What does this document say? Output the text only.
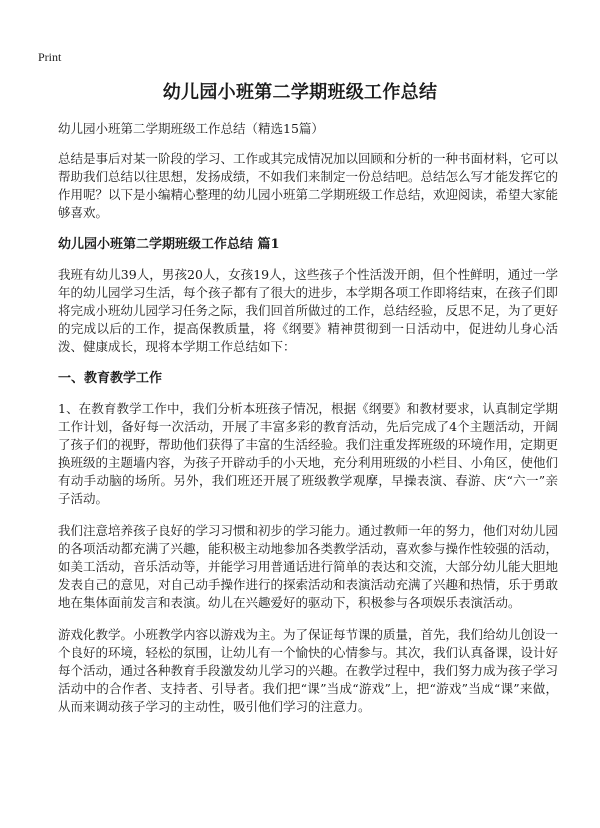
Print
幼儿园小班第二学期班级工作总结
幼儿园小班第二学期班级工作总结（精选15篇）

总结是事后对某一阶段的学习、工作或其完成情况加以回顾和分析的一种书面材料，它可以帮助我们总结以往思想，发扬成绩，不如我们来制定一份总结吧。总结怎么写才能发挥它的作用呢？以下是小编精心整理的幼儿园小班第二学期班级工作总结，欢迎阅读，希望大家能够喜欢。

幼儿园小班第二学期班级工作总结 篇1

我班有幼儿39人，男孩20人，女孩19人，这些孩子个性活泼开朗，但个性鲜明，通过一学年的幼儿园学习生活，每个孩子都有了很大的进步，本学期各项工作即将结束，在孩子们即将完成小班幼儿园学习任务之际，我们回首所做过的工作，总结经验，反思不足，为了更好的完成以后的工作，提高保教质量，将《纲要》精神贯彻到一日活动中，促进幼儿身心活泼、健康成长，现将本学期工作总结如下：

一、教育教学工作

1、在教育教学工作中，我们分析本班孩子情况，根据《纲要》和教材要求，认真制定学期工作计划，备好每一次活动，开展了丰富多彩的教育活动，先后完成了4个主题活动，开阔了孩子们的视野，帮助他们获得了丰富的生活经验。我们注重发挥班级的环境作用，定期更换班级的主题墙内容，为孩子开辟动手的小天地，充分利用班级的小栏目、小角区，使他们有动手动脑的场所。另外，我们班还开展了班级教学观摩，早操表演、春游、庆“六一”亲子活动。

我们注意培养孩子良好的学习习惯和初步的学习能力。通过教师一年的努力，他们对幼儿园的各项活动都充满了兴趣，能积极主动地参加各类教学活动，喜欢参与操作性较强的活动，如美工活动，音乐活动等，并能学习用普通话进行简单的表达和交流，大部分幼儿能大胆地发表自己的意见，对自己动手操作进行的探索活动和表演活动充满了兴趣和热情，乐于勇敢地在集体面前发言和表演。幼儿在兴趣爱好的驱动下，积极参与各项娱乐表演活动。

游戏化教学。小班教学内容以游戏为主。为了保证每节课的质量，首先，我们给幼儿创设一个良好的环境，轻松的氛围，让幼儿有一个愉快的心情参与。其次，我们认真备课，设计好每个活动，通过各种教育手段激发幼儿学习的兴趣。在教学过程中，我们努力成为孩子学习活动中的合作者、支持者、引导者。我们把“课”当成“游戏”上，把“游戏”当成“课”来做，从而来调动孩子学习的主动性，吸引他们学习的注意力。
